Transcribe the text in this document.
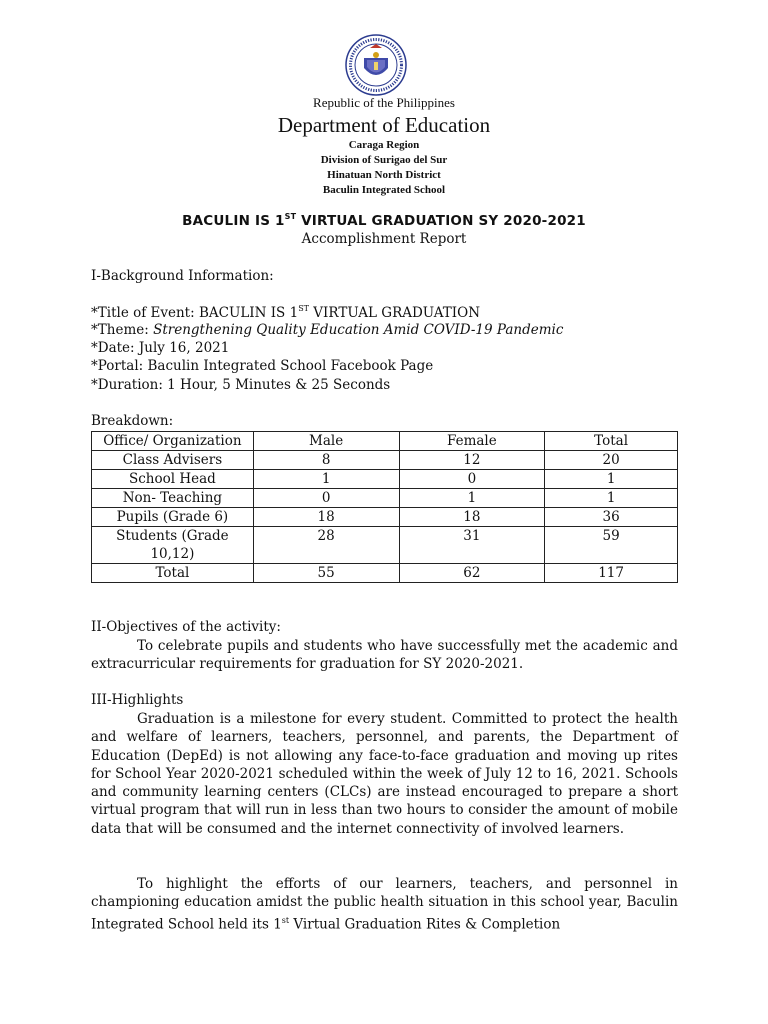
Republic of the Philippines
Department of Education
Caraga Region
Division of Surigao del Sur
Hinatuan North District
Baculin Integrated School
BACULIN IS 1ST VIRTUAL GRADUATION SY 2020-2021
Accomplishment Report
I-Background Information:
*Title of Event: BACULIN IS 1ST VIRTUAL GRADUATION
*Theme: Strengthening Quality Education Amid COVID-19 Pandemic
*Date: July 16, 2021
*Portal: Baculin Integrated School Facebook Page
*Duration: 1 Hour, 5 Minutes & 25 Seconds
Breakdown:
Office/ Organization	Male	Female	Total
Class Advisers	8	12	20
School Head	1	0	1
Non- Teaching	0	1	1
Pupils (Grade 6)	18	18	36
Students (Grade 10,12)	28	31	59
Total	55	62	117
II-Objectives of the activity:
To celebrate pupils and students who have successfully met the academic and extracurricular requirements for graduation for SY 2020-2021.
III-Highlights
Graduation is a milestone for every student. Committed to protect the health and welfare of learners, teachers, personnel, and parents, the Department of Education (DepEd) is not allowing any face-to-face graduation and moving up rites for School Year 2020-2021 scheduled within the week of July 12 to 16, 2021. Schools and community learning centers (CLCs) are instead encouraged to prepare a short virtual program that will run in less than two hours to consider the amount of mobile data that will be consumed and the internet connectivity of involved learners.
To highlight the efforts of our learners, teachers, and personnel in championing education amidst the public health situation in this school year, Baculin Integrated School held its 1st Virtual Graduation Rites & Completion
